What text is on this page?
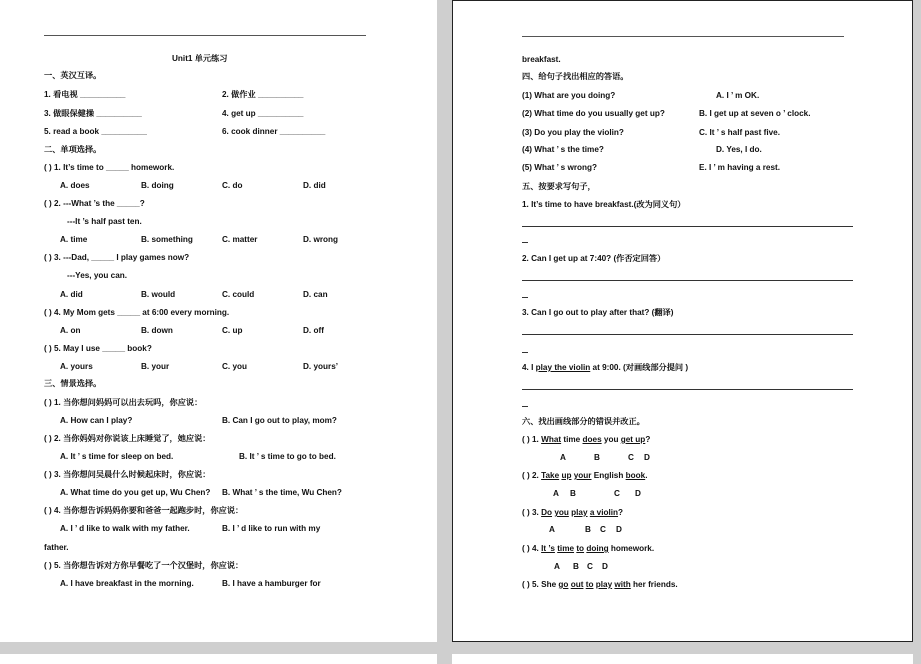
Unit1 单元练习
一、英汉互译。
1. 看电视 __________	2. 做作业 __________
3. 做眼保健操 __________	4. get up __________
5. read a book __________	6. cook dinner __________
二、单项选择。
( ) 1. It’s time to _____ homework.
A. does	B. doing	C. do	D. did
( ) 2. ---What ’s the _____?
---It ’s half past ten.
A. time	B. something	C. matter	D. wrong
( ) 3. ---Dad, _____ I play games now?
---Yes, you can.
A. did	B. would	C. could	D. can
( ) 4. My Mom gets _____ at 6:00 every morning.
A. on	B. down	C. up	D. off
( ) 5. May I use _____ book?
A. yours	B. your	C. you	D. yours’
三、情景选择。
( ) 1. 当你想问妈妈可以出去玩吗，你应说：
A. How can I play?	B. Can I go out to play, mom?
( ) 2. 当你妈妈对你说该上床睡觉了，她应说：
A. It ’ s time for sleep on bed.	B. It ’ s time to go to bed.
( ) 3. 当你想问吴晨什么时候起床时，你应说：
A. What time do you get up, Wu Chen? B. What ’ s the time, Wu Chen?
( ) 4. 当你想告诉妈妈你要和爸爸一起跑步时，你应说：
A. I ’ d like to walk with my father.	B. I ’ d like to run with my
father.
( ) 5. 当你想告诉对方你早餐吃了一个汉堡时，你应说：
A. I have breakfast in the morning.	B. I have a hamburger for
breakfast.
四、给句子找出相应的答语。
(1) What are you doing?	A. I ’ m OK.
(2) What time do you usually get up?	B. I get up at seven o ’ clock.
(3) Do you play the violin?	C. It ’ s half past five.
(4) What ’ s the time?	D. Yes, I do.
(5) What ’ s wrong?	E. I ’ m having a rest.
五、按要求写句子，
1. It’s time to have breakfast.(改为同义句）
2. Can I get up at 7:40? (作否定回答）
3. Can I go out to play after that? (翻译)
4. I play the violin at 9:00. (对画线部分提问 )
六、找出画线部分的错误并改正。
( ) 1. What time does you get up?
A	B	C D
( ) 2. Take up your English book.
A B	C D
( ) 3. Do you play a violin?
A	B C D
( ) 4. It ’s time to doing homework.
A B C D
( ) 5. She go out to play with her friends.
